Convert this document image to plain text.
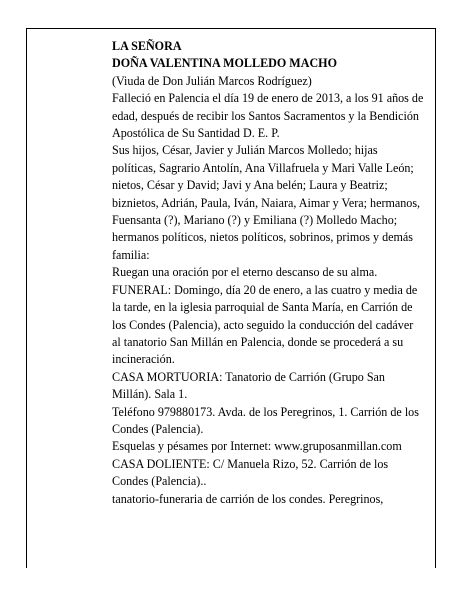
LA SEÑORA

DOÑA VALENTINA MOLLEDO MACHO

(Viuda de Don Julián Marcos Rodríguez)

Falleció en Palencia el día 19 de enero de 2013, a los 91 años de edad, después de recibir los Santos Sacramentos y la Bendición Apostólica de Su Santidad D. E. P.

Sus hijos, César, Javier y Julián Marcos Molledo; hijas políticas, Sagrario Antolín, Ana Villafruela y Mari Valle León; nietos, César y David; Javi y Ana belén; Laura y Beatriz; biznietos, Adrián, Paula, Iván, Naiara, Aimar y Vera; hermanos, Fuensanta (?), Mariano (?) y Emiliana (?) Molledo Macho; hermanos políticos, nietos políticos, sobrinos, primos y demás familia:

Ruegan una oración por el eterno descanso de su alma.

FUNERAL: Domingo, día 20 de enero, a las cuatro y media de la tarde, en la iglesia parroquial de Santa María, en Carrión de los Condes (Palencia), acto seguido la conducción del cadáver al tanatorio San Millán en Palencia, donde se procederá a su incineración.

CASA MORTUORIA: Tanatorio de Carrión (Grupo San Millán). Sala 1.

Teléfono 979880173. Avda. de los Peregrinos, 1. Carrión de los Condes (Palencia).

Esquelas y pésames por Internet: www.gruposanmillan.com

CASA DOLIENTE: C/ Manuela Rizo, 52. Carrión de los Condes (Palencia)..

tanatorio-funeraria de carrión de los condes. Peregrinos,
